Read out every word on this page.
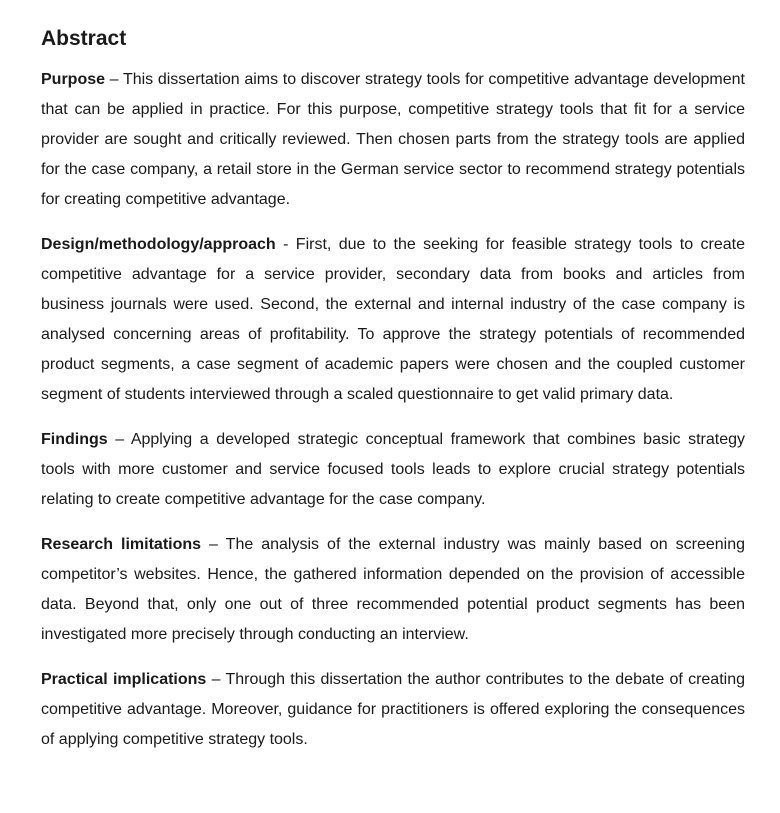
Abstract

Purpose – This dissertation aims to discover strategy tools for competitive advantage development that can be applied in practice. For this purpose, competitive strategy tools that fit for a service provider are sought and critically reviewed. Then chosen parts from the strategy tools are applied for the case company, a retail store in the German service sector to recommend strategy potentials for creating competitive advantage.

Design/methodology/approach - First, due to the seeking for feasible strategy tools to create competitive advantage for a service provider, secondary data from books and articles from business journals were used. Second, the external and internal industry of the case company is analysed concerning areas of profitability. To approve the strategy potentials of recommended product segments, a case segment of academic papers were chosen and the coupled customer segment of students interviewed through a scaled questionnaire to get valid primary data.

Findings – Applying a developed strategic conceptual framework that combines basic strategy tools with more customer and service focused tools leads to explore crucial strategy potentials relating to create competitive advantage for the case company.

Research limitations – The analysis of the external industry was mainly based on screening competitor’s websites. Hence, the gathered information depended on the provision of accessible data. Beyond that, only one out of three recommended potential product segments has been investigated more precisely through conducting an interview.

Practical implications – Through this dissertation the author contributes to the debate of creating competitive advantage. Moreover, guidance for practitioners is offered exploring the consequences of applying competitive strategy tools.
